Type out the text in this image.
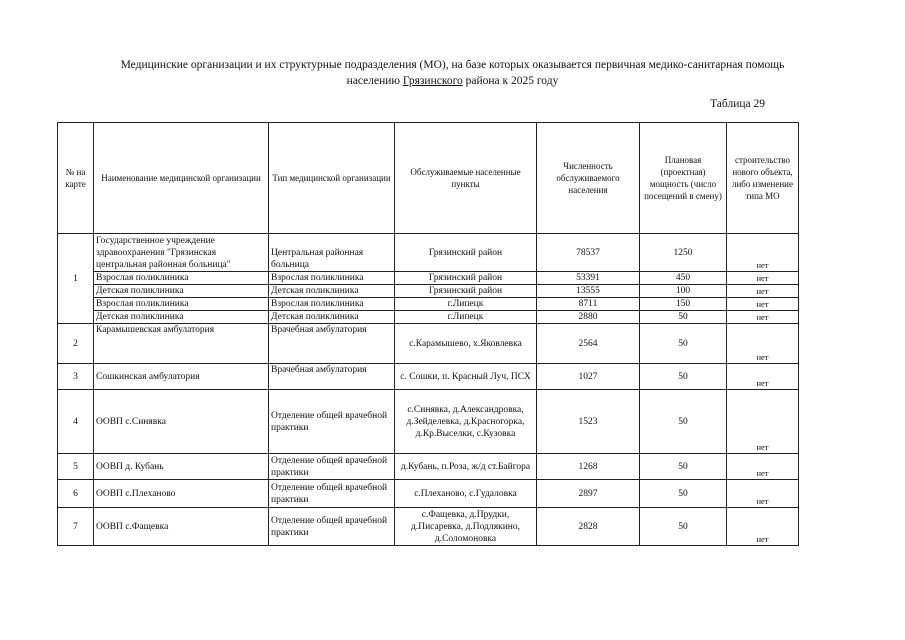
Медицинские организации и их структурные подразделения (МО), на базе которых оказывается первичная медико-санитарная помощь
населению Грязинского района к 2025 году
Таблица 29
№ на карте	Наименование медицинской организации	Тип медицинской организации	Обслуживаемые населенные пункты	Численность обслуживаемого населения	Плановая (проектная) мощность (число посещений в смену)	строительство нового объекта, либо изменение типа МО
1	Государственное учреждение здравоохранения "Грязинская центральная районная больница"	Центральная районная больница	Грязинский район	78537	1250	нет
	Взрослая поликлиника	Взрослая поликлиника	Грязинский район	53391	450	нет
	Детская поликлиника	Детская поликлиника	Грязинский район	13555	100	нет
	Взрослая поликлиника	Взрослая поликлиника	г.Липецк	8711	150	нет
	Детская поликлиника	Детская поликлиника	г.Липецк	2880	50	нет
2	Карамышевская амбулатория	Врачебная амбулатория	с.Карамышево, х.Яковлевка	2564	50	нет
3	Сошкинская амбулатория	Врачебная амбулатория	с. Сошки, п. Красный Луч, ПСХ	1027	50	нет
4	ООВП с.Синявка	Отделение общей врачебной практики	с.Синявка, д.Александровка, д.Зейделевка, д.Красногорка, д.Кр.Выселки, с.Кузовка	1523	50	нет
5	ООВП д. Кубань	Отделение общей врачебной практики	д.Кубань, п.Роза, ж/д ст.Байгора	1268	50	нет
6	ООВП с.Плеханово	Отделение общей врачебной практики	с.Плеханово, с.Гудаловка	2897	50	нет
7	ООВП с.Фащевка	Отделение общей врачебной практики	с.Фащевка, д.Прудки, д.Писаревка, д.Подлякино, д.Соломоновка	2828	50	нет
